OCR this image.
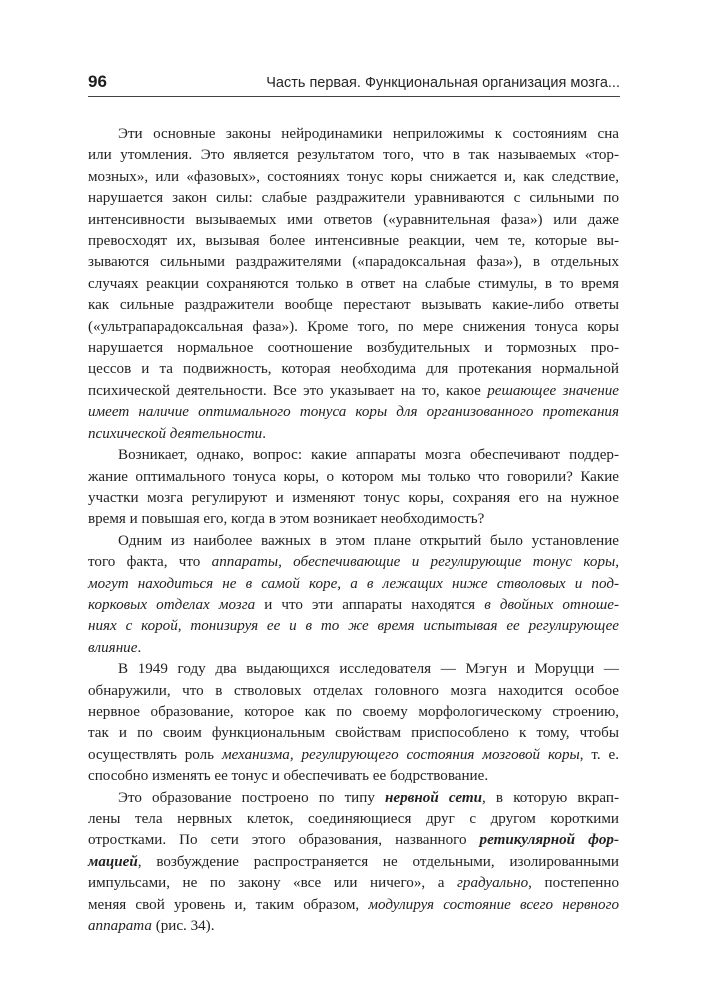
96	Часть первая. Функциональная организация мозга...
Эти основные законы нейродинамики неприложимы к состояниям сна
или утомления. Это является результатом того, что в так называемых «тор-
мозных», или «фазовых», состояниях тонус коры снижается и, как следствие,
нарушается закон силы: слабые раздражители уравниваются с сильными по
интенсивности вызываемых ими ответов («уравнительная фаза») или даже
превосходят их, вызывая более интенсивные реакции, чем те, которые вы-
зываются сильными раздражителями («парадоксальная фаза»), в отдельных
случаях реакции сохраняются только в ответ на слабые стимулы, в то время
как сильные раздражители вообще перестают вызывать какие-либо ответы
(«ультрапарадоксальная фаза»). Кроме того, по мере снижения тонуса коры
нарушается нормальное соотношение возбудительных и тормозных про-
цессов и та подвижность, которая необходима для протекания нормальной
психической деятельности. Все это указывает на то, какое решающее значение
имеет наличие оптимального тонуса коры для организованного протекания
психической деятельности.
Возникает, однако, вопрос: какие аппараты мозга обеспечивают поддер-
жание оптимального тонуса коры, о котором мы только что говорили? Какие
участки мозга регулируют и изменяют тонус коры, сохраняя его на нужное
время и повышая его, когда в этом возникает необходимость?
Одним из наиболее важных в этом плане открытий было установление
того факта, что аппараты, обеспечивающие и регулирующие тонус коры,
могут находиться не в самой коре, а в лежащих ниже стволовых и под-
корковых отделах мозга и что эти аппараты находятся в двойных отноше-
ниях с корой, тонизируя ее и в то же время испытывая ее регулирующее
влияние.
В 1949 году два выдающихся исследователя — Мэгун и Моруцци —
обнаружили, что в стволовых отделах головного мозга находится особое
нервное образование, которое как по своему морфологическому строению,
так и по своим функциональным свойствам приспособлено к тому, чтобы
осуществлять роль механизма, регулирующего состояния мозговой коры, т. е.
способно изменять ее тонус и обеспечивать ее бодрствование.
Это образование построено по типу нервной сети, в которую вкрап-
лены тела нервных клеток, соединяющиеся друг с другом короткими
отростками. По сети этого образования, названного ретикулярной фор-
мацией, возбуждение распространяется не отдельными, изолированными
импульсами, не по закону «все или ничего», а градуально, постепенно
меняя свой уровень и, таким образом, модулируя состояние всего нервного
аппарата (рис. 34).
